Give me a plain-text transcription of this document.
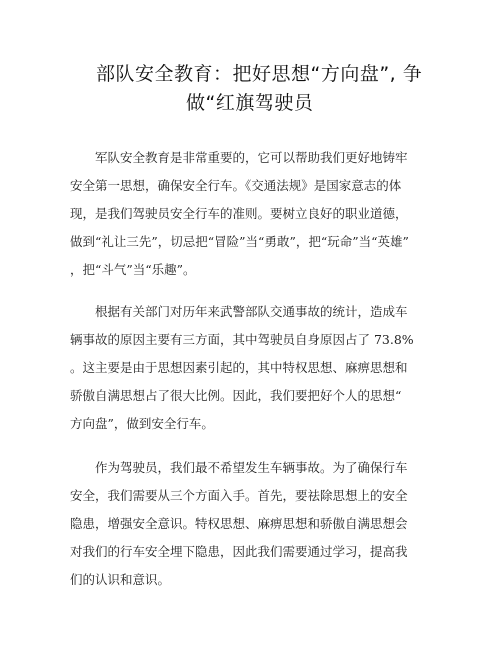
部队安全教育：把好思想“方向盘”, 争
做“红旗驾驶员
　　军队安全教育是非常重要的，它可以帮助我们更好地铸牢
安全第一思想，确保安全行车。《交通法规》是国家意志的体
现，是我们驾驶员安全行车的准则。要树立良好的职业道德，
做到“礼让三先”，切忌把“冒险”当“勇敢”，把“玩命”当“英雄”
，把“斗气”当“乐趣”。
　　根据有关部门对历年来武警部队交通事故的统计，造成车
辆事故的原因主要有三方面，其中驾驶员自身原因占了 73.8%
。这主要是由于思想因素引起的，其中特权思想、麻痹思想和
骄傲自满思想占了很大比例。因此，我们要把好个人的思想“
方向盘”，做到安全行车。
　　作为驾驶员，我们最不希望发生车辆事故。为了确保行车
安全，我们需要从三个方面入手。首先，要祛除思想上的安全
隐患，增强安全意识。特权思想、麻痹思想和骄傲自满思想会
对我们的行车安全埋下隐患，因此我们需要通过学习，提高我
们的认识和意识。
